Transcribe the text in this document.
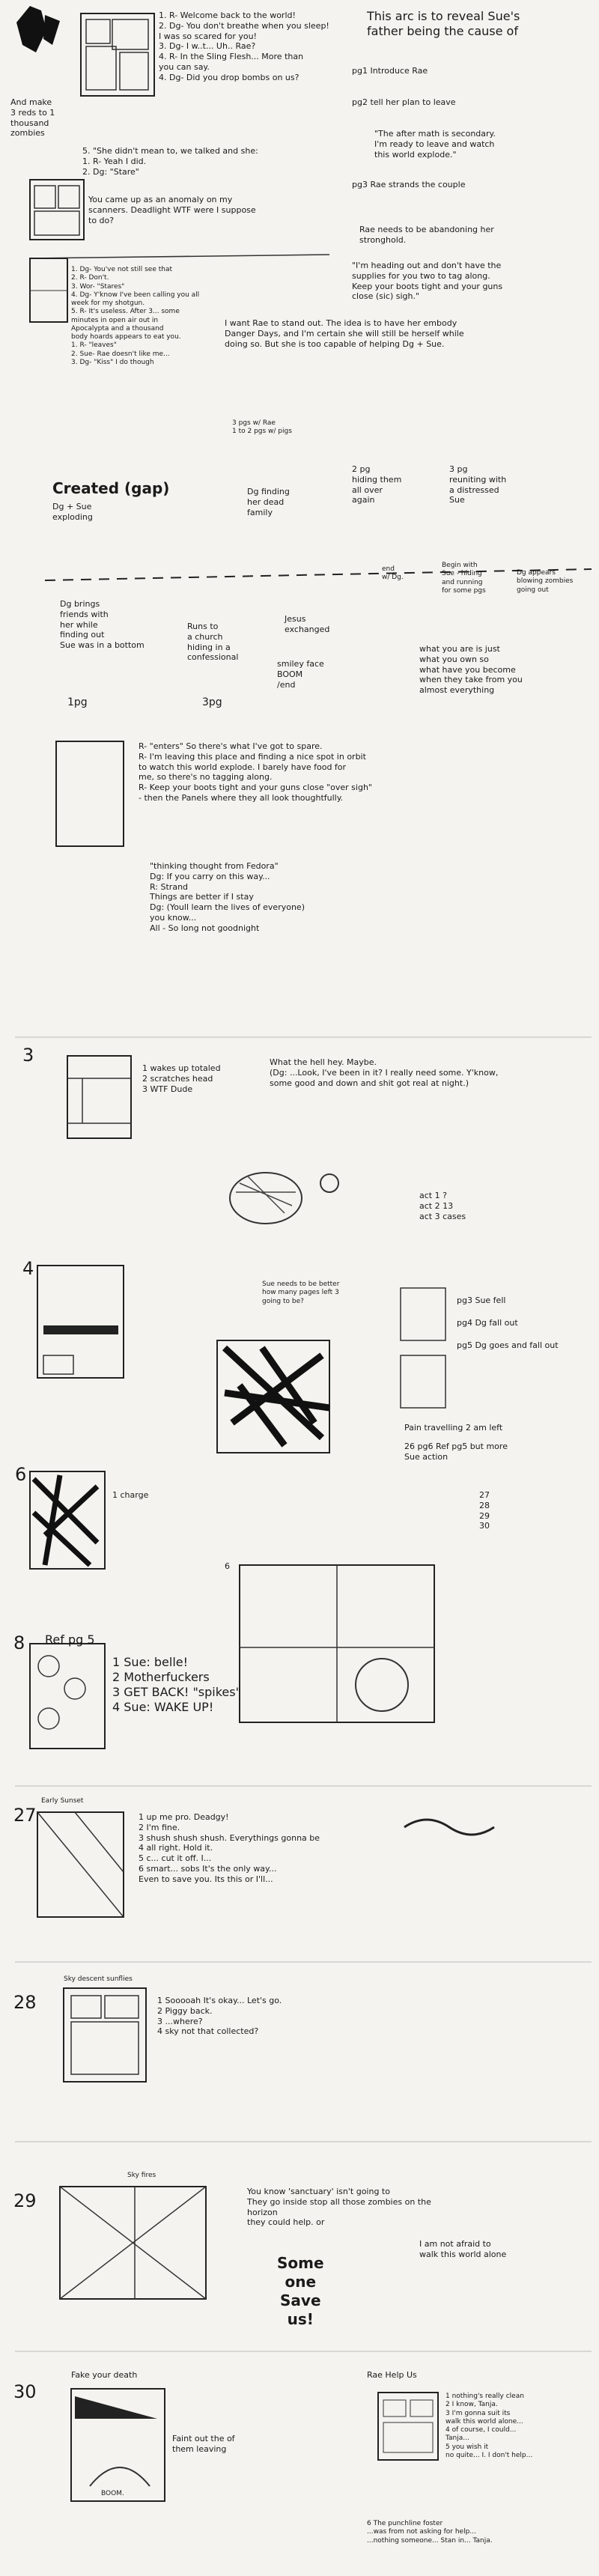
And make
3 reds to 1
thousand
zombies
1. R- Welcome back to the world!
2. Dg- You don't breathe when you sleep!
I was so scared for you!
3. Dg- I w..t... Uh.. Rae?
4. R- In the Sling Flesh... More than
you can say.
4. Dg- Did you drop bombs on us?
5. "She didn't mean to, we talked and she:
1. R- Yeah I did.
2. Dg: "Stare"
You came up as an anomaly on my
scanners. Deadlight WTF were I suppose
to do?
This arc is to reveal Sue's
father being the cause of
pg1 Introduce Rae
pg2 tell her plan to leave
"The after math is secondary.
I'm ready to leave and watch
this world explode."
pg3 Rae strands the couple
Rae needs to be abandoning her
stronghold.
"I'm heading out and don't have the
supplies for you two to tag along.
Keep your boots tight and your guns
close (sic) sigh."
I want Rae to stand out. The idea is to have her embody
Danger Days, and I'm certain she will still be herself while
doing so. But she is too capable of helping Dg + Sue.
1. Dg- You've not still see that
2. R- Don't.
3. Wor- "Stares"
4. Dg- Y'know I've been calling you all
week for my shotgun.
5. R- It's useless. After 3... some
minutes in open air out in
Apocalypta and a thousand
body hoards appears to eat you.
1. R- "leaves"
2. Sue- Rae doesn't like me...
3. Dg- "Kiss" I do though
3 pgs w/ Rae
1 to 2 pgs w/ pigs
Created (gap)
Dg + Sue
exploding
Dg finding
her dead
family
2 pg
hiding them
all over
again
3 pg
reuniting with
a distressed
Sue
end
w/ Dg.
Begin with
Sue - hiding
and running
for some pgs
Dg appears
blowing zombies
going out
Dg brings
friends with
her while
finding out
Sue was in a bottom
Runs to
a church
hiding in a
confessional
Jesus
exchanged
smiley face
BOOM
/end
what you are is just
what you own so
what have you become
when they take from you
almost everything
1pg	3pg
R- "enters" So there's what I've got to spare.
R- I'm leaving this place and finding a nice spot in orbit
to watch this world explode. I barely have food for
me, so there's no tagging along.
R- Keep your boots tight and your guns close "over sigh"
- then the Panels where they all look thoughtfully.
"thinking thought from Fedora"
Dg: If you carry on this way...
R: Strand
Things are better if I stay
Dg: (Youll learn the lives of everyone)
you know...
All - So long not goodnight
3
1 wakes up totaled
2 scratches head
3 WTF Dude
What the hell hey. Maybe.
(Dg: ...Look, I've been in it? I really need some. Y'know,
some good and down and shit got real at night.)
act 1 ?
act 2 13
act 3 cases
4
Sue needs to be better
how many pages left 3
going to be?	pg3 Sue fell
pg4 Dg fall out
pg5 Dg goes and fall out
Pain travelling 2 am left
26 pg6 Ref pg5 but more
Sue action
27
28
29
30
6
1 charge
6
8 Ref pg 5
1 Sue: belle!
2 Motherfuckers
3 GET BACK! "spikes"
4 Sue: WAKE UP!
27
Early Sunset
1 up me pro. Deadgy!
2 I'm fine.
3 shush shush shush. Everythings gonna be
4 all right. Hold it.
5 c... cut it off. I...
6 smart... sobs It's the only way...
Even to save you. Its this or I'll...
28
Sky descent sunflies
1 Sooooah It's okay... Let's go.
2 Piggy back.
3 ...where?
4 sky not that collected?
29
Sky fires
You know 'sanctuary' isn't going to
They go inside stop all those zombies on the
horizon
they could help. or
I am not afraid to
walk this world alone
Some
one
Save
us!
30
Fake your death
Faint out the of
them leaving
BOOM.
Rae Help Us
1 nothing's really clean
2 I know, Tanja.
3 I'm gonna suit its
walk this world alone...
4 of course, I could...
Tanja...
5 you wish it
no quite... I. I don't help...
6 The punchline foster
...was from not asking for help...
...nothing someone... Stan in... Tanja.
